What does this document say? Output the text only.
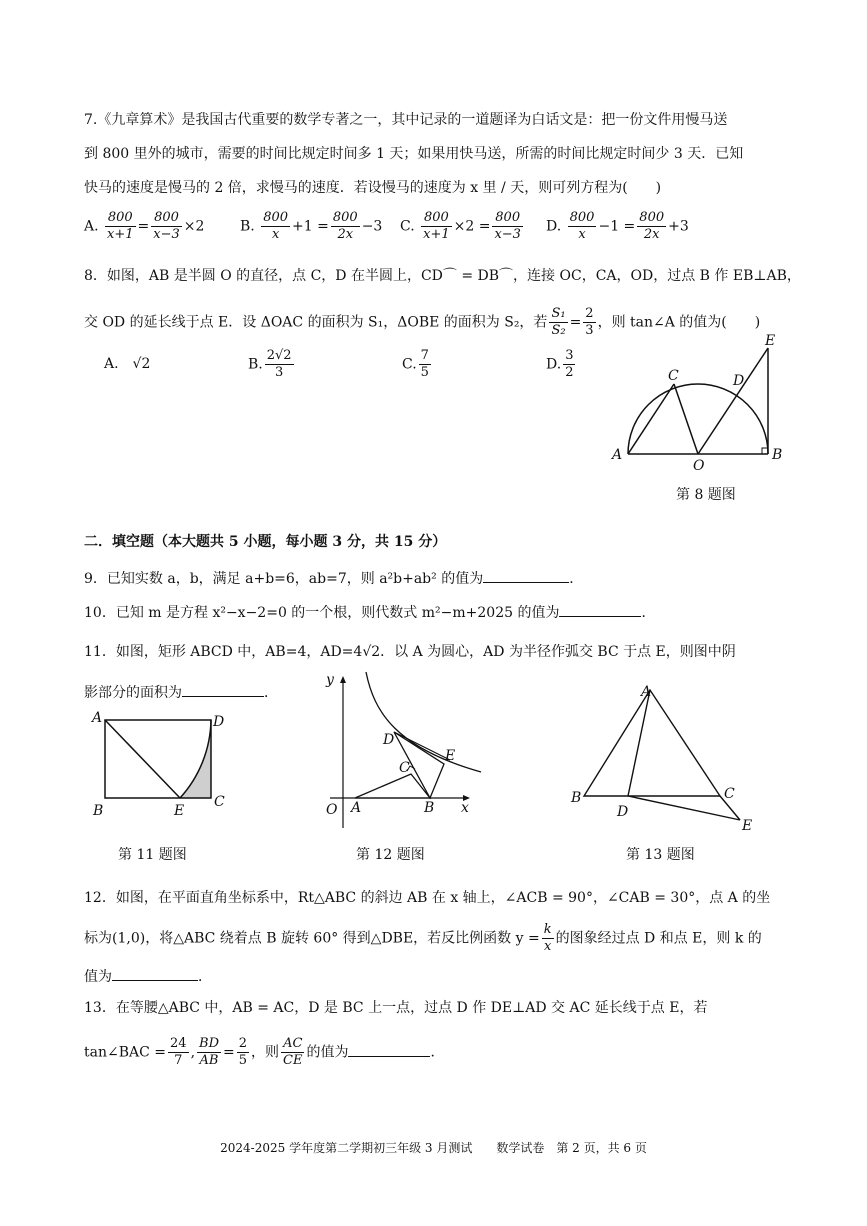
7.《九章算术》是我国古代重要的数学专著之一，其中记录的一道题译为白话文是：把一份文件用慢马送
到 800 里外的城市，需要的时间比规定时间多 1 天；如果用快马送，所需的时间比规定时间少 3 天．已知
快马的速度是慢马的 2 倍，求慢马的速度．若设慢马的速度为 x 里 / 天，则可列方程为(　　)
A. $\frac{800}{x+1} = \frac{800}{x-3} \times 2$	B. $\frac{800}{x} +1 = \frac{800}{2x} -3$ C. $\frac{800}{x+1} \times 2 = \frac{800}{x-3} D$. $\frac{800}{x} -1 = \frac{800}{2x} +3$
8．如图，AB 是半圆 O 的直径，点 C，D 在半圆上，CD⌒ = DB⌒，连接 OC，CA，OD，过点 B 作 EB⊥AB，
交 OD 的延长线于点 E．设 ΔOAC 的面积为 S₁，ΔOBE 的面积为 S₂，若 $\frac{\text{S₁}}{\text{S₂}} = \frac{2}{3}$ ，则 tan∠A 的值为(　　)
A.　√2	B. $\frac{2√2}{3}$	C. $\frac{7}{5}$	D. $\frac{3}{2}$
A	B
C	D
E
O
第 8 题图
二．填空题（本大题共 5 小题，每小题 3 分，共 15 分）
9．已知实数 a，b，满足 a+b=6，ab=7，则 a²b+ab² 的值为	．
10．已知 m 是方程 x²−x−2=0 的一个根，则代数式 m²−m+2025 的值为	．
11．如图，矩形 ABCD 中，AB=4，AD=4√2．以 A 为圆心，AD 为半径作弧交 BC 于点 E，则图中阴
影部分的面积为	．
A
B
C
D
E
第 11 题图
y
x
O A	B
C
D
E
第 12 题图
A
B	C
D
E
第 13 题图
12．如图，在平面直角坐标系中，Rt△ABC 的斜边 AB 在 x 轴上，∠ACB = 90°，∠CAB = 30°，点 A 的坐
标为(1,0)，将△ABC 绕着点 B 旋转 60° 得到△DBE，若反比例函数 $y = \frac{k}{x}$ 的图象经过点 D 和点 E，则 k 的
值为	．
13．在等腰△ABC 中，AB = AC，D 是 BC 上一点，过点 D 作 DE⊥AD 交 AC 延长线于点 E，若
tan∠BAC = $\frac{24}{7}$ , $\frac{BD}{AB} = \frac{2}{5}$ ，则 $\frac{AC}{CE}$ 的值为	．
2024-2025 学年度第二学期初三年级 3 月测试　　数学试卷　第 2 页，共 6 页
